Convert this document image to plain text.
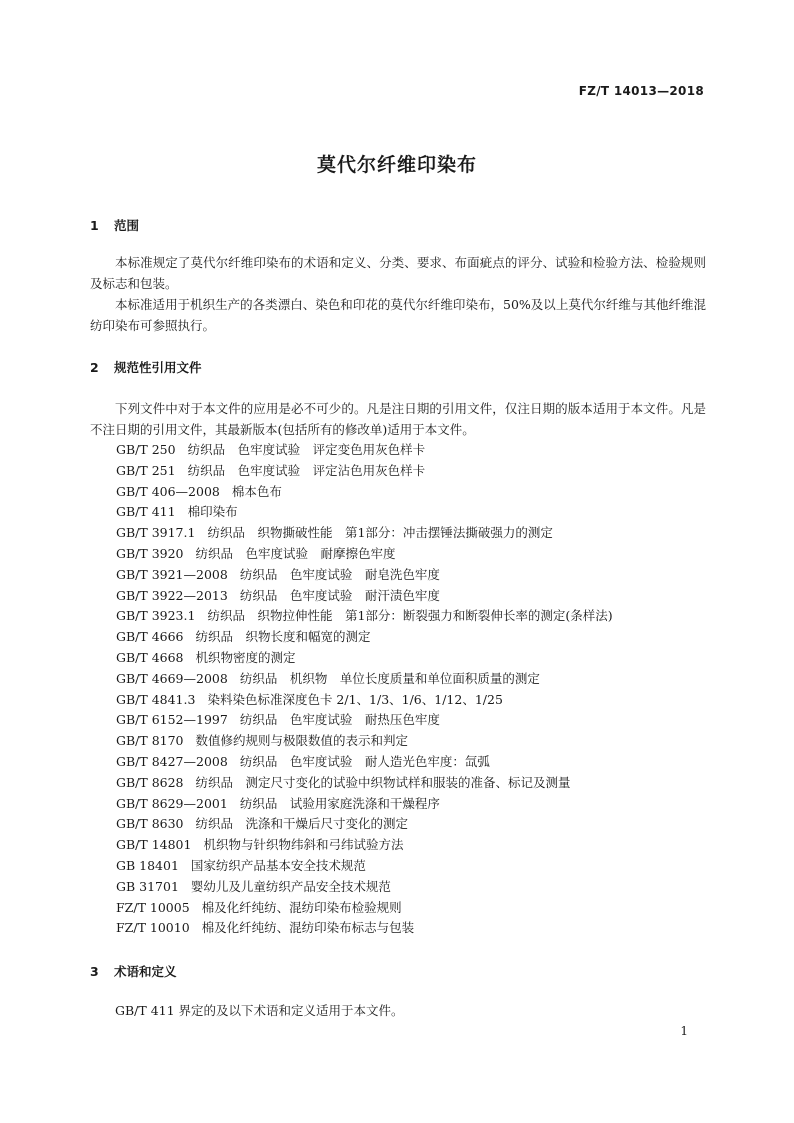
FZ/T 14013—2018
莫代尔纤维印染布
1 范围

本标准规定了莫代尔纤维印染布的术语和定义、分类、要求、布面疵点的评分、试验和检验方法、检验规则及标志和包装。

本标准适用于机织生产的各类漂白、染色和印花的莫代尔纤维印染布，50%及以上莫代尔纤维与其他纤维混纺印染布可参照执行。

2 规范性引用文件

下列文件中对于本文件的应用是必不可少的。凡是注日期的引用文件，仅注日期的版本适用于本文件。凡是不注日期的引用文件，其最新版本(包括所有的修改单)适用于本文件。

GB/T 250 纺织品　色牢度试验　评定变色用灰色样卡
GB/T 251 纺织品　色牢度试验　评定沾色用灰色样卡
GB/T 406—2008 棉本色布
GB/T 411 棉印染布
GB/T 3917.1 纺织品　织物撕破性能　第1部分：冲击摆锤法撕破强力的测定
GB/T 3920 纺织品　色牢度试验　耐摩擦色牢度
GB/T 3921—2008 纺织品　色牢度试验　耐皂洗色牢度
GB/T 3922—2013 纺织品　色牢度试验　耐汗渍色牢度
GB/T 3923.1 纺织品　织物拉伸性能　第1部分：断裂强力和断裂伸长率的测定(条样法)
GB/T 4666 纺织品　织物长度和幅宽的测定
GB/T 4668 机织物密度的测定
GB/T 4669—2008 纺织品　机织物　单位长度质量和单位面积质量的测定
GB/T 4841.3 染料染色标准深度色卡 2/1、1/3、1/6、1/12、1/25
GB/T 6152—1997 纺织品　色牢度试验　耐热压色牢度
GB/T 8170 数值修约规则与极限数值的表示和判定
GB/T 8427—2008 纺织品　色牢度试验　耐人造光色牢度：氙弧
GB/T 8628 纺织品　测定尺寸变化的试验中织物试样和服装的准备、标记及测量
GB/T 8629—2001 纺织品　试验用家庭洗涤和干燥程序
GB/T 8630 纺织品　洗涤和干燥后尺寸变化的测定
GB/T 14801 机织物与针织物纬斜和弓纬试验方法
GB 18401 国家纺织产品基本安全技术规范
GB 31701 婴幼儿及儿童纺织产品安全技术规范
FZ/T 10005 棉及化纤纯纺、混纺印染布检验规则
FZ/T 10010 棉及化纤纯纺、混纺印染布标志与包装
3 术语和定义

GB/T 411 界定的及以下术语和定义适用于本文件。

1
